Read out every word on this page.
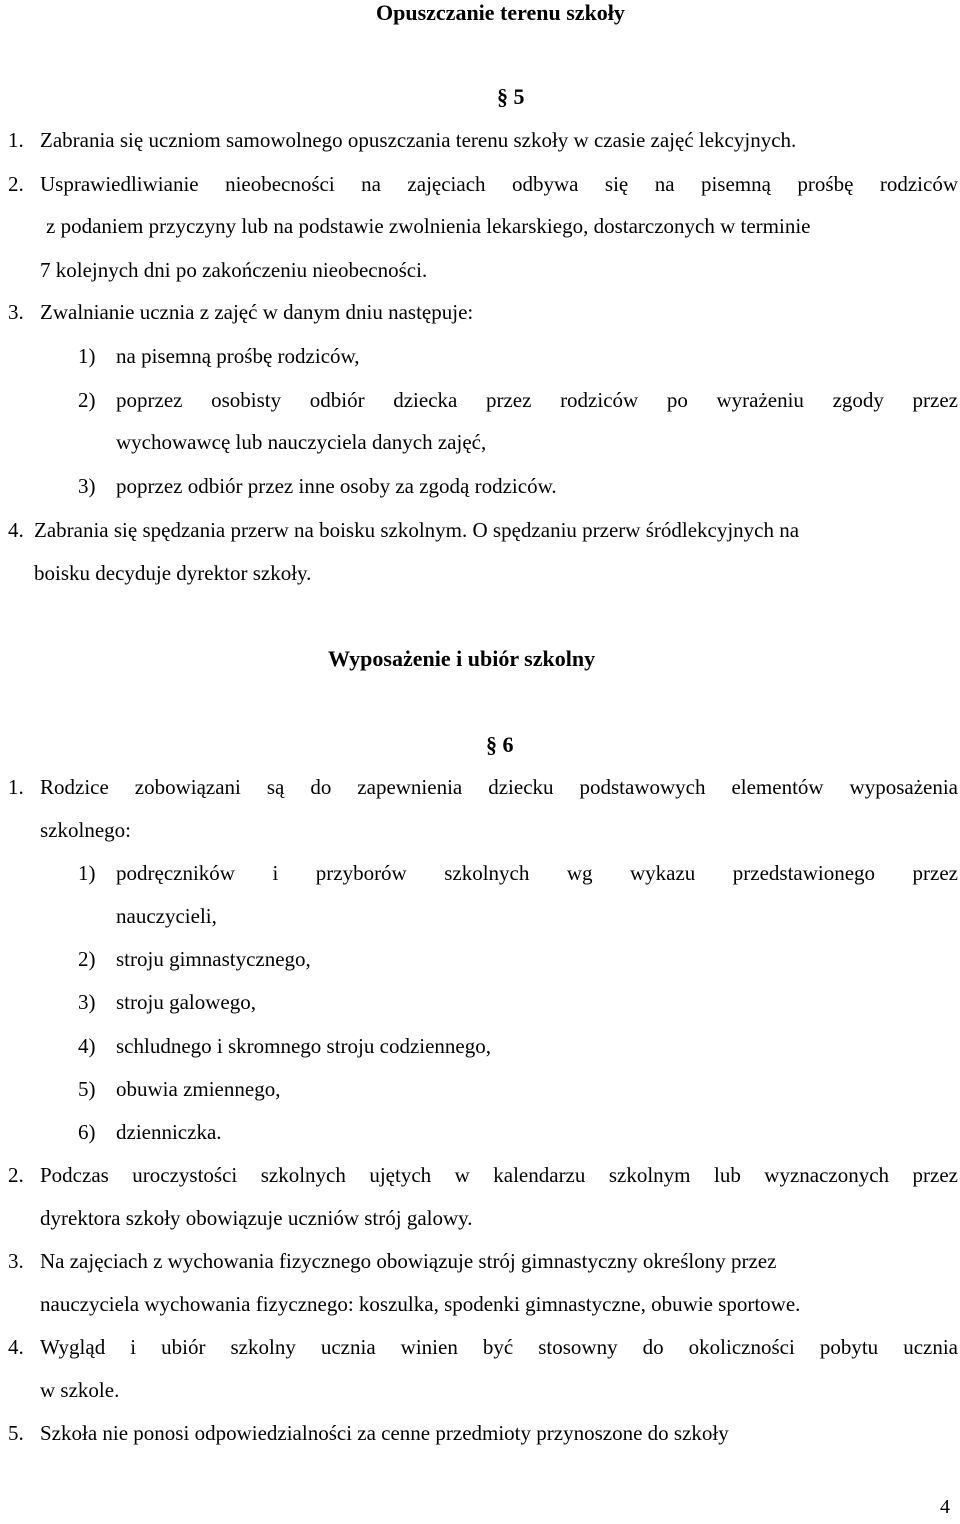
Opuszczanie terenu szkoły
§ 5
1. Zabrania się uczniom samowolnego opuszczania terenu szkoły w czasie zajęć lekcyjnych.
2. Usprawiedliwianie nieobecności na zajęciach odbywa się na pisemną prośbę rodziców
z podaniem przyczyny lub na podstawie zwolnienia lekarskiego, dostarczonych w terminie
7 kolejnych dni po zakończeniu nieobecności.
3. Zwalnianie ucznia z zajęć w danym dniu następuje:
1) na pisemną prośbę rodziców,
2) poprzez osobisty odbiór dziecka przez rodziców po wyrażeniu zgody przez
wychowawcę lub nauczyciela danych zajęć,
3) poprzez odbiór przez inne osoby za zgodą rodziców.
4. Zabrania się spędzania przerw na boisku szkolnym. O spędzaniu przerw śródlekcyjnych na
boisku decyduje dyrektor szkoły.
Wyposażenie i ubiór szkolny
§ 6
1. Rodzice zobowiązani są do zapewnienia dziecku podstawowych elementów wyposażenia
szkolnego:
1) podręczników i przyborów szkolnych wg wykazu przedstawionego przez
nauczycieli,
2) stroju gimnastycznego,
3) stroju galowego,
4) schludnego i skromnego stroju codziennego,
5) obuwia zmiennego,
6) dzienniczka.
2. Podczas uroczystości szkolnych ujętych w kalendarzu szkolnym lub wyznaczonych przez
dyrektora szkoły obowiązuje uczniów strój galowy.
3. Na zajęciach z wychowania fizycznego obowiązuje strój gimnastyczny określony przez
nauczyciela wychowania fizycznego: koszulka, spodenki gimnastyczne, obuwie sportowe.
4. Wygląd i ubiór szkolny ucznia winien być stosowny do okoliczności pobytu ucznia
w szkole.
5. Szkoła nie ponosi odpowiedzialności za cenne przedmioty przynoszone do szkoły
4
